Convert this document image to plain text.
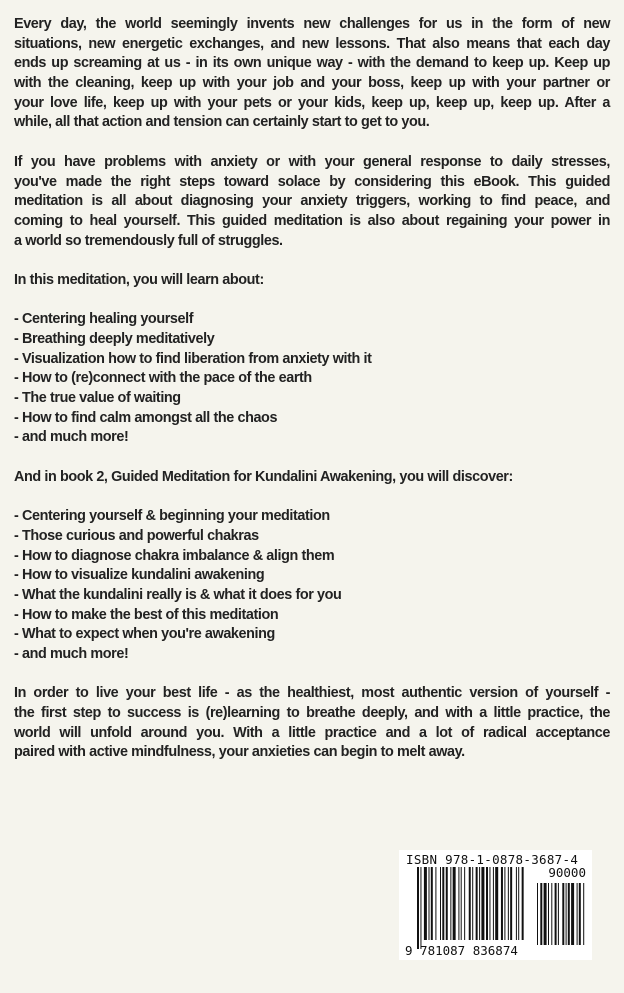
Every day, the world seemingly invents new challenges for us in the form of new
situations, new energetic exchanges, and new lessons. That also means that each day
ends up screaming at us - in its own unique way - with the demand to keep up. Keep up
with the cleaning, keep up with your job and your boss, keep up with your partner or
your love life, keep up with your pets or your kids, keep up, keep up, keep up. After a
while, all that action and tension can certainly start to get to you.
If you have problems with anxiety or with your general response to daily stresses,
you've made the right steps toward solace by considering this eBook. This guided
meditation is all about diagnosing your anxiety triggers, working to find peace, and
coming to heal yourself. This guided meditation is also about regaining your power in
a world so tremendously full of struggles.
In this meditation, you will learn about:
- Centering healing yourself
- Breathing deeply meditatively
- Visualization how to find liberation from anxiety with it
- How to (re)connect with the pace of the earth
- The true value of waiting
- How to find calm amongst all the chaos
- and much more!
And in book 2, Guided Meditation for Kundalini Awakening, you will discover:
- Centering yourself & beginning your meditation
- Those curious and powerful chakras
- How to diagnose chakra imbalance & align them
- How to visualize kundalini awakening
- What the kundalini really is & what it does for you
- How to make the best of this meditation
- What to expect when you're awakening
- and much more!
In order to live your best life - as the healthiest, most authentic version of yourself -
the first step to success is (re)learning to breathe deeply, and with a little practice, the
world will unfold around you. With a little practice and a lot of radical acceptance
paired with active mindfulness, your anxieties can begin to melt away.
ISBN 978-1-0878-3687-4
90000
9 781087 836874
